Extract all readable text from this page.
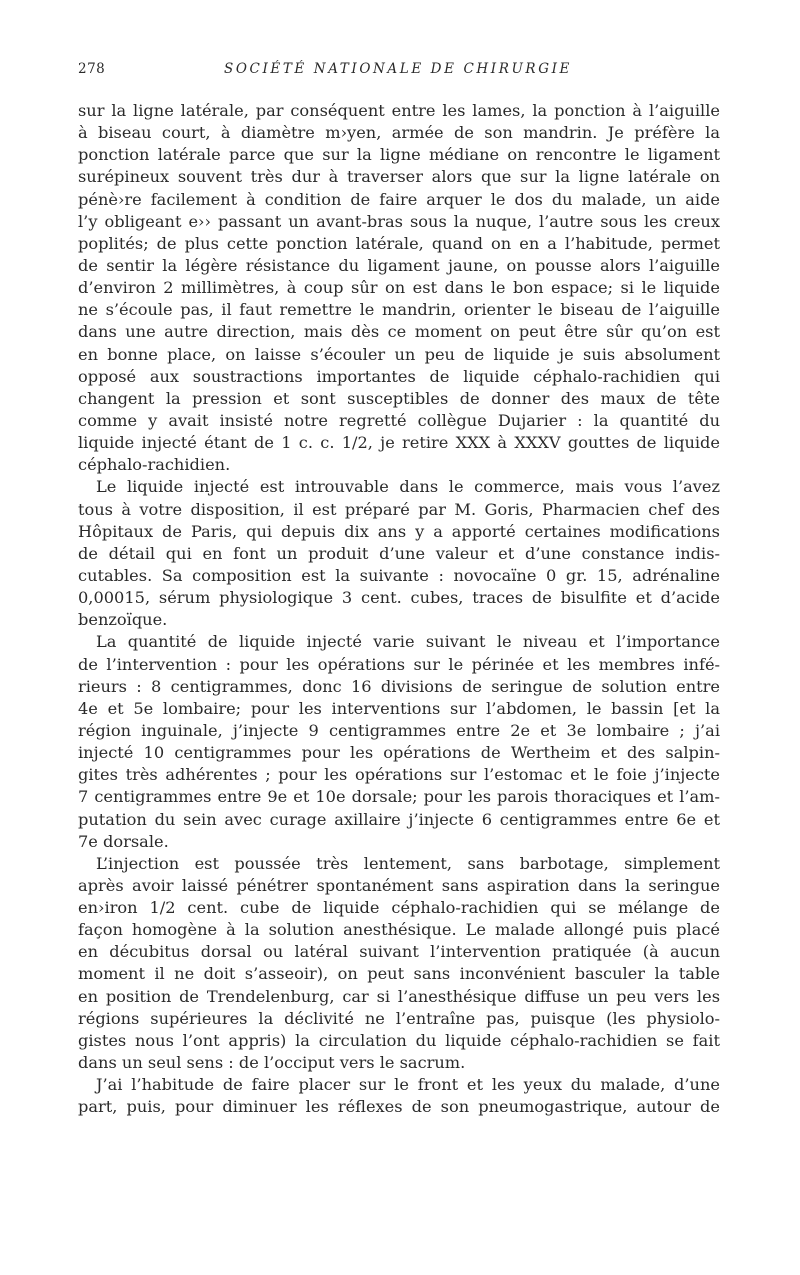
278	SOCIÉTÉ NATIONALE DE CHIRURGIE

sur la ligne latérale, par conséquent entre les lames, la ponction à l’aiguille
à biseau court, à diamètre m›yen, armée de son mandrin. Je préfère la
ponction latérale parce que sur la ligne médiane on rencontre le ligament
surépineux souvent très dur à traverser alors que sur la ligne latérale on
pénè›re facilement à condition de faire arquer le dos du malade, un aide
l’y obligeant e›› passant un avant-bras sous la nuque, l’autre sous les creux
poplités; de plus cette ponction latérale, quand on en a l’habitude, permet
de sentir la légère résistance du ligament jaune, on pousse alors l’aiguille
d’environ 2 millimètres, à coup sûr on est dans le bon espace; si le liquide
ne s’écoule pas, il faut remettre le mandrin, orienter le biseau de l’aiguille
dans une autre direction, mais dès ce moment on peut être sûr qu’on est
en bonne place, on laisse s’écouler un peu de liquide je suis absolument
opposé aux soustractions importantes de liquide céphalo-rachidien qui
changent la pression et sont susceptibles de donner des maux de tête
comme y avait insisté notre regretté collègue Dujarier : la quantité du
liquide injecté étant de 1 c. c. 1/2, je retire XXX à XXXV gouttes de liquide
céphalo-rachidien.

Le liquide injecté est introuvable dans le commerce, mais vous l’avez
tous à votre disposition, il est préparé par M. Goris, Pharmacien chef des
Hôpitaux de Paris, qui depuis dix ans y a apporté certaines modifications
de détail qui en font un produit d’une valeur et d’une constance indis-
cutables. Sa composition est la suivante : novocaïne 0 gr. 15, adrénaline
0,00015, sérum physiologique 3 cent. cubes, traces de bisulfite et d’acide
benzoïque.

La quantité de liquide injecté varie suivant le niveau et l’importance
de l’intervention : pour les opérations sur le périnée et les membres infé-
rieurs : 8 centigrammes, donc 16 divisions de seringue de solution entre
4e et 5e lombaire; pour les interventions sur l’abdomen, le bassin [et la
région inguinale, j’injecte 9 centigrammes entre 2e et 3e lombaire ; j’ai
injecté 10 centigrammes pour les opérations de Wertheim et des salpin-
gites très adhérentes ; pour les opérations sur l’estomac et le foie j’injecte
7 centigrammes entre 9e et 10e dorsale; pour les parois thoraciques et l’am-
putation du sein avec curage axillaire j’injecte 6 centigrammes entre 6e et
7e dorsale.

L’injection est poussée très lentement, sans barbotage, simplement
après avoir laissé pénétrer spontanément sans aspiration dans la seringue
en›iron 1/2 cent. cube de liquide céphalo-rachidien qui se mélange de
façon homogène à la solution anesthésique. Le malade allongé puis placé
en décubitus dorsal ou latéral suivant l’intervention pratiquée (à aucun
moment il ne doit s’asseoir), on peut sans inconvénient basculer la table
en position de Trendelenburg, car si l’anesthésique diffuse un peu vers les
régions supérieures la déclivité ne l’entraîne pas, puisque (les physiolo-
gistes nous l’ont appris) la circulation du liquide céphalo-rachidien se fait
dans un seul sens : de l’occiput vers le sacrum.

J’ai l’habitude de faire placer sur le front et les yeux du malade, d’une
part, puis, pour diminuer les réflexes de son pneumogastrique, autour de
